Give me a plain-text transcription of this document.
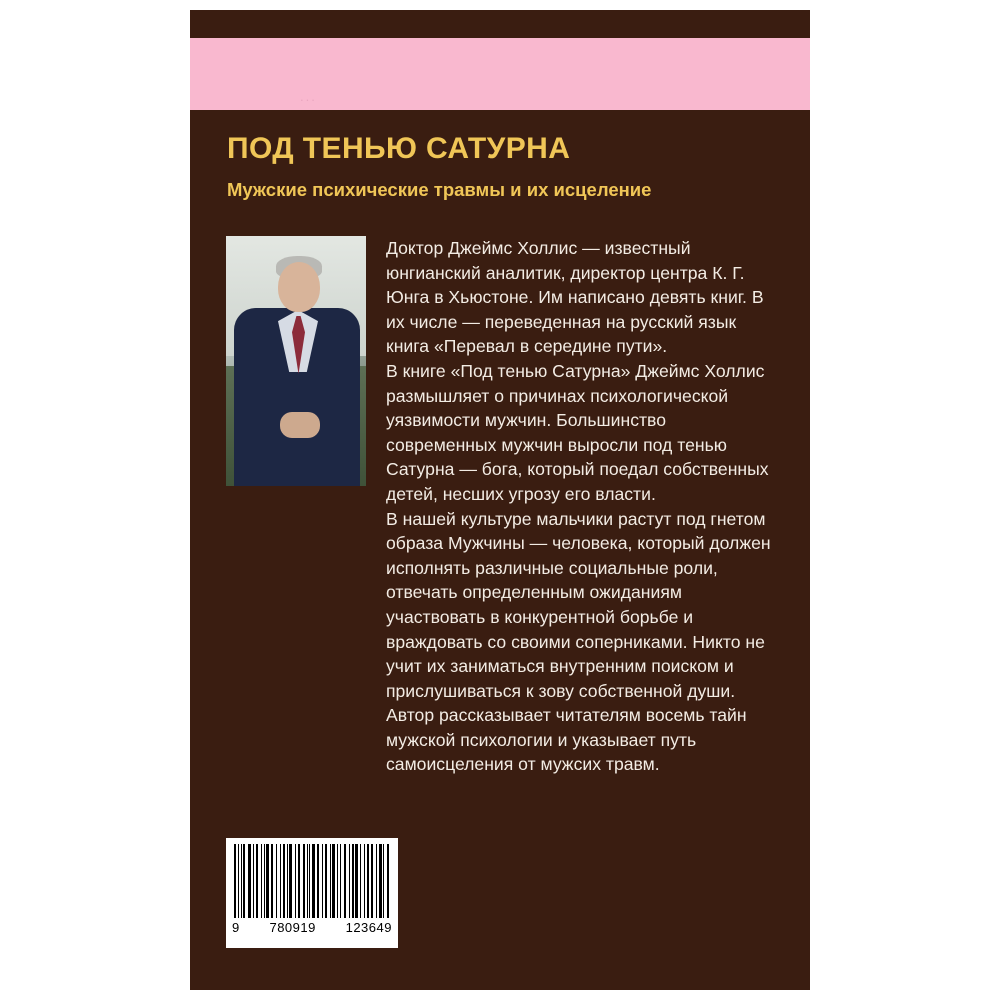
...
ПОД ТЕНЬЮ САТУРНА
Мужские психические травмы и их исцеление

Доктор Джеймс Холлис — известный юнгианский аналитик, директор центра К. Г. Юнга в Хьюстоне. Им написано девять книг. В их числе — переведенная на русский язык книга «Перевал в середине пути».

В книге «Под тенью Сатурна» Джеймс Холлис размышляет о причинах психологической уязвимости мужчин. Большинство современных мужчин выросли под тенью Сатурна — бога, который поедал собственных детей, несших угрозу его власти.

В нашей культуре мальчики растут под гнетом образа Мужчины — человека, который должен исполнять различные социальные роли, отвечать определенным ожиданиям участвовать в конкурентной борьбе и враждовать со своими соперниками. Никто не учит их заниматься внутренним поиском и прислушиваться к зову собственной души.

Автор рассказывает читателям восемь тайн мужской психологии и указывает путь самоисцеления от мужсих травм.

9 780919 123649
